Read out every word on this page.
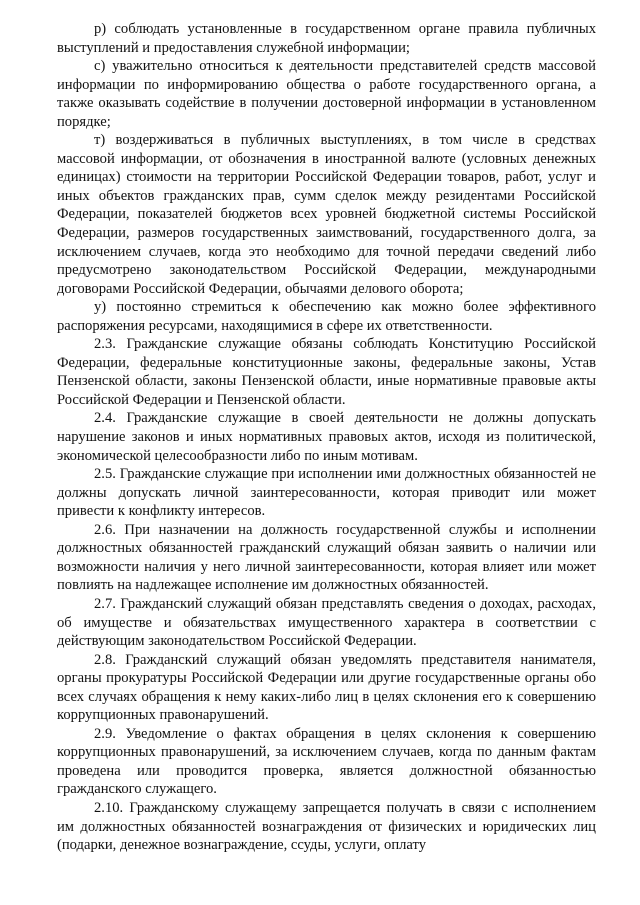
р) соблюдать установленные в государственном органе правила публичных выступлений и предоставления служебной информации;

с) уважительно относиться к деятельности представителей средств массовой информации по информированию общества о работе государственного органа, а также оказывать содействие в получении достоверной информации в установленном порядке;

т) воздерживаться в публичных выступлениях, в том числе в средствах массовой информации, от обозначения в иностранной валюте (условных денежных единицах) стоимости на территории Российской Федерации товаров, работ, услуг и иных объектов гражданских прав, сумм сделок между резидентами Российской Федерации, показателей бюджетов всех уровней бюджетной системы Российской Федерации, размеров государственных заимствований, государственного долга, за исключением случаев, когда это необходимо для точной передачи сведений либо предусмотрено законодательством Российской Федерации, международными договорами Российской Федерации, обычаями делового оборота;

у) постоянно стремиться к обеспечению как можно более эффективного распоряжения ресурсами, находящимися в сфере их ответственности.

2.3. Гражданские служащие обязаны соблюдать Конституцию Российской Федерации, федеральные конституционные законы, федеральные законы, Устав Пензенской области, законы Пензенской области, иные нормативные правовые акты Российской Федерации и Пензенской области.

2.4. Гражданские служащие в своей деятельности не должны допускать нарушение законов и иных нормативных правовых актов, исходя из политической, экономической целесообразности либо по иным мотивам.

2.5. Гражданские служащие при исполнении ими должностных обязанностей не должны допускать личной заинтересованности, которая приводит или может привести к конфликту интересов.

2.6. При назначении на должность государственной службы и исполнении должностных обязанностей гражданский служащий обязан заявить о наличии или возможности наличия у него личной заинтересованности, которая влияет или может повлиять на надлежащее исполнение им должностных обязанностей.

2.7. Гражданский служащий обязан представлять сведения о доходах, расходах, об имуществе и обязательствах имущественного характера в соответствии с действующим законодательством Российской Федерации.

2.8. Гражданский служащий обязан уведомлять представителя нанимателя, органы прокуратуры Российской Федерации или другие государственные органы обо всех случаях обращения к нему каких-либо лиц в целях склонения его к совершению коррупционных правонарушений.

2.9. Уведомление о фактах обращения в целях склонения к совершению коррупционных правонарушений, за исключением случаев, когда по данным фактам проведена или проводится проверка, является должностной обязанностью гражданского служащего.

2.10. Гражданскому служащему запрещается получать в связи с исполнением им должностных обязанностей вознаграждения от физических и юридических лиц (подарки, денежное вознаграждение, ссуды, услуги, оплату
